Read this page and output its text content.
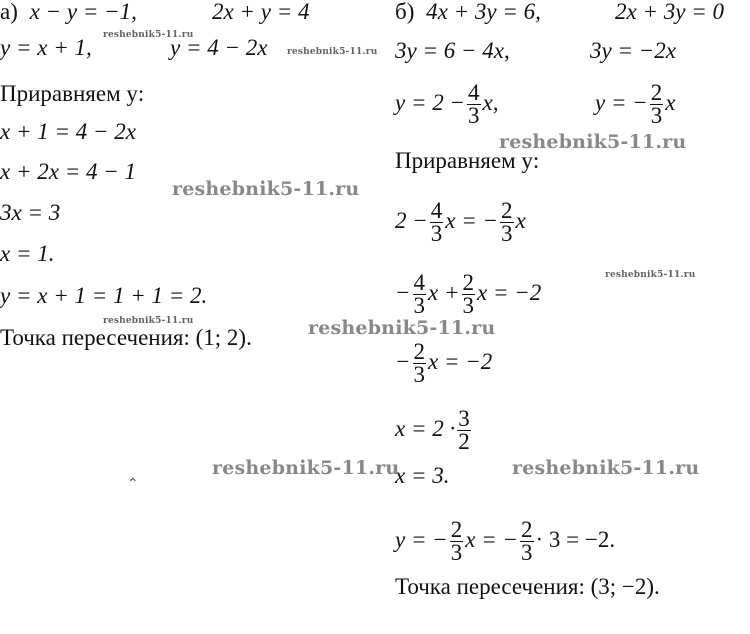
а) x − y = −1,	2x + y = 4
y = x + 1,	y = 4 − 2x
Приравняем y:
x + 1 = 4 − 2x
x + 2x = 4 − 1
3x = 3
x = 1.
y = x + 1 = 1 + 1 = 2.
Точка пересечения: (1; 2).
б) 4x + 3y = 6,	2x + 3y = 0
3y = 6 − 4x,	3y = −2x
$y = 2 - \frac{4}{3} x$,	y = − $\frac{2}{3}$ x
Приравняем y:
$2 - \frac{4}{3}$ x = − $\frac{2}{3}$ x
− $\frac{4}{3}$ $x + \frac{2}{3}$ x = −2
− $\frac{2}{3}$ x = −2
$x = 2 \cdot \frac{3}{2}$
x = 3.
y = − $\frac{2}{3}$ x = − $\frac{2}{3} \cdot 3 = -2$.
Точка пересечения: (3; −2).
reshebnik5-11.ru
reshebnik5-11.ru
reshebnik5-11.ru
reshebnik5-11.ru	reshebnik5-11.ru
reshebnik5-11.ru
reshebnik5-11.ru
reshebnik5-11.ru	reshebnik5-11.ru
⌃
